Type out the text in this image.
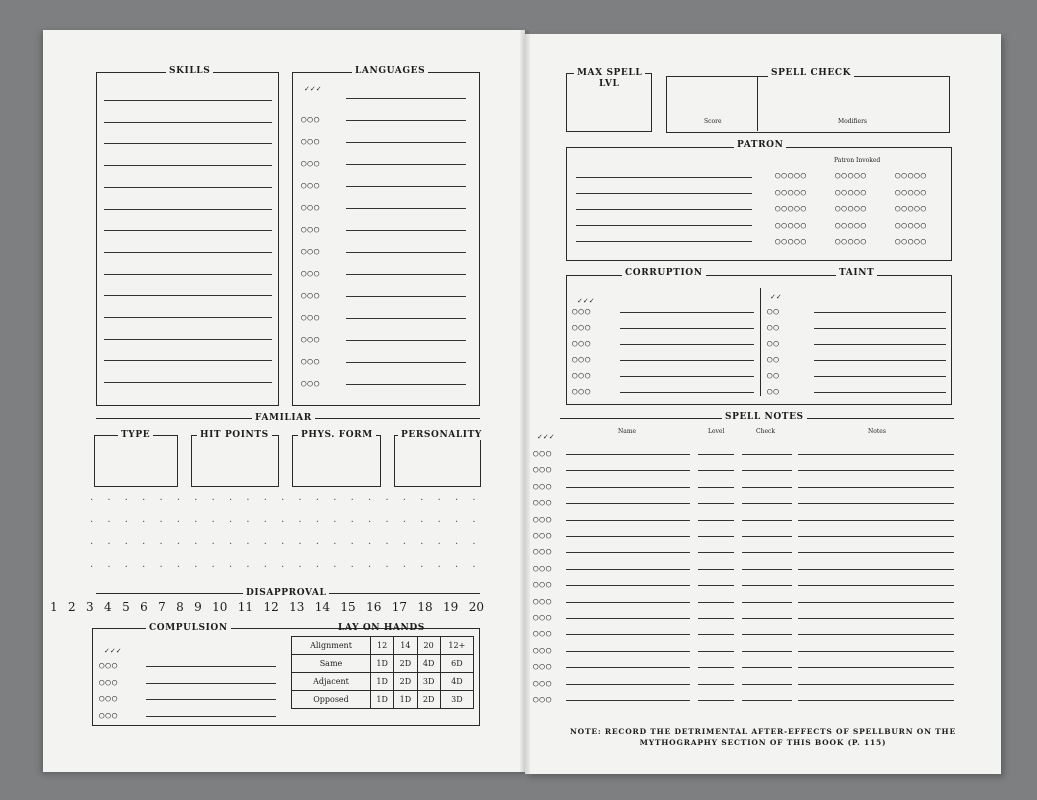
SKILLS	LANGUAGES
✓✓✓
○○○
○○○
○○○
○○○
○○○
○○○
○○○
○○○
○○○
○○○
○○○
○○○
○○○
FAMILIAR
TYPE	HIT POINTS	PHYS. FORM	PERSONALITY
·······················
·······················
·······················
·······················
DISAPPROVAL
1 2 3 4 5 6 7 8 9 10 11 12 13 14 15 16 17 18 19 20
COMPULSION
✓✓✓
○○○
○○○
○○○
○○○
LAY ON HANDS
Alignment	12	14	20	12+
Same	1D	2D	4D	6D
Adjacent	1D	2D	3D	4D
Opposed	1D	1D	2D	3D
MAX SPELL
LVL
SPELL CHECK
Score	Modifiers
PATRON
Patron Invoked
○○○○○	○○○○○	○○○○○
○○○○○	○○○○○	○○○○○
○○○○○	○○○○○	○○○○○
○○○○○	○○○○○	○○○○○
○○○○○	○○○○○	○○○○○
CORRUPTION	TAINT
✓✓✓	✓✓
○○○
○○○
○○○
○○○
○○○
○○○
○○
○○
○○
○○
○○
○○
SPELL NOTES
Name	Level	Check	Notes
✓✓✓
○○○
○○○
○○○
○○○
○○○
○○○
○○○
○○○
○○○
○○○
○○○
○○○
○○○
○○○
○○○
○○○
NOTE: RECORD THE DETRIMENTAL AFTER-EFFECTS OF SPELLBURN ON THE MYTHOGRAPHY SECTION OF THIS BOOK (P. 115)
